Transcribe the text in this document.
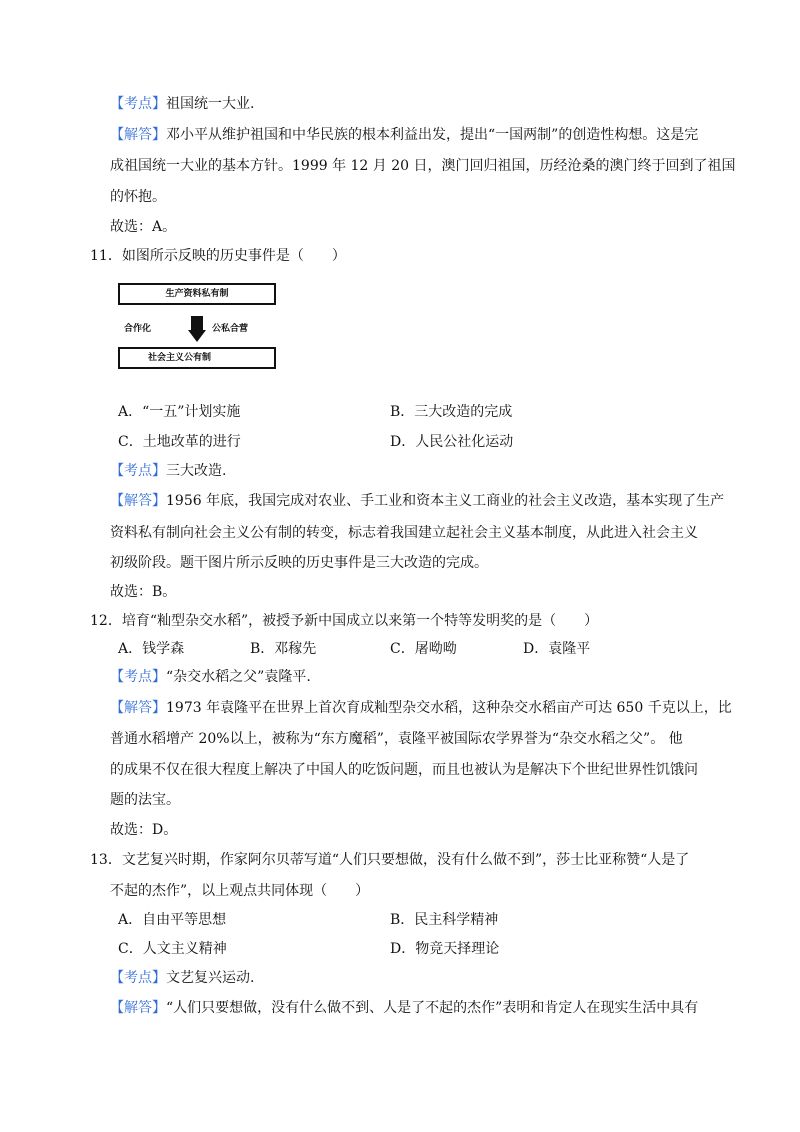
【考点】祖国统一大业.
【解答】邓小平从维护祖国和中华民族的根本利益出发，提出“一国两制”的创造性构想。这是完
成祖国统一大业的基本方针。1999 年 12 月 20 日，澳门回归祖国，历经沧桑的澳门终于回到了祖国
的怀抱。
故选：A。
11．如图所示反映的历史事件是（　　）
生产资料私有制
合作化	公私合营
社会主义公有制
A．“一五”计划实施	B．三大改造的完成
C．土地改革的进行	D．人民公社化运动
【考点】三大改造.
【解答】1956 年底，我国完成对农业、手工业和资本主义工商业的社会主义改造，基本实现了生产
资料私有制向社会主义公有制的转变，标志着我国建立起社会主义基本制度，从此进入社会主义
初级阶段。题干图片所示反映的历史事件是三大改造的完成。
故选：B。
12．培育“籼型杂交水稻”，被授予新中国成立以来第一个特等发明奖的是（　　）
A．钱学森	B．邓稼先	C．屠呦呦	D．袁隆平
【考点】“杂交水稻之父”袁隆平.
【解答】1973 年袁隆平在世界上首次育成籼型杂交水稻，这种杂交水稻亩产可达 650 千克以上，比
普通水稻增产 20%以上，被称为“东方魔稻”，袁隆平被国际农学界誉为“杂交水稻之父”。 他
的成果不仅在很大程度上解决了中国人的吃饭问题，而且也被认为是解决下个世纪世界性饥饿问
题的法宝。
故选：D。
13．文艺复兴时期，作家阿尔贝蒂写道“人们只要想做，没有什么做不到”，莎士比亚称赞“人是了
不起的杰作”，以上观点共同体现（　　）
A．自由平等思想	B．民主科学精神
C．人文主义精神	D．物竞天择理论
【考点】文艺复兴运动.
【解答】“人们只要想做，没有什么做不到、人是了不起的杰作”表明和肯定人在现实生活中具有
